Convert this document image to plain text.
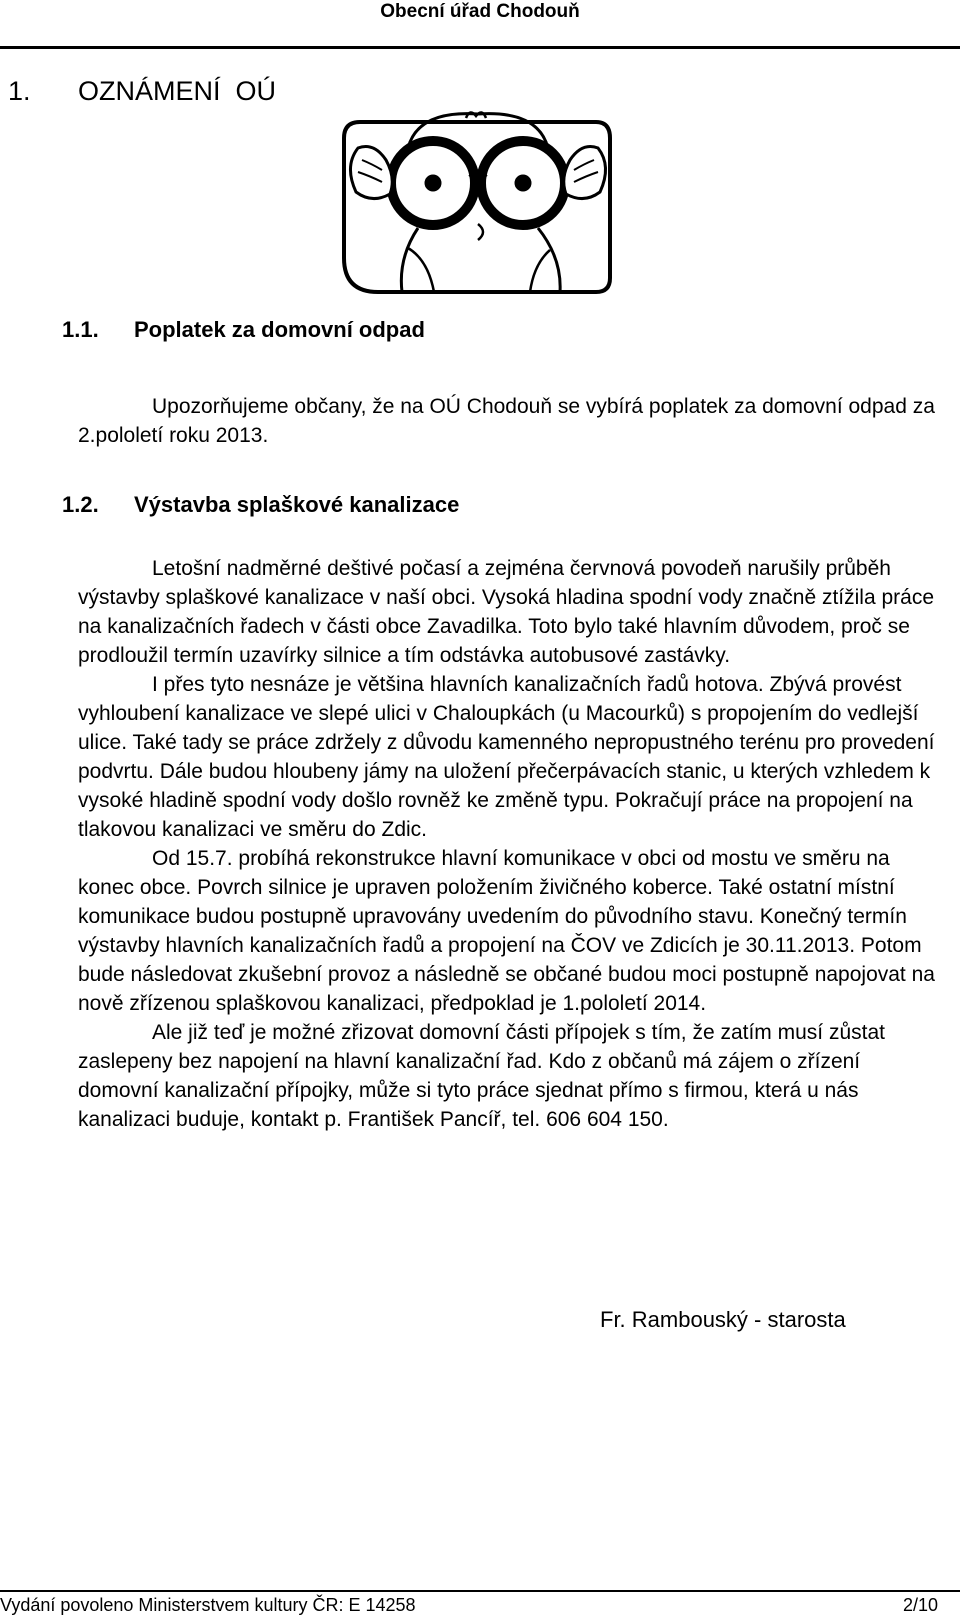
Obecní úřad Chodouň
1. OZNÁMENÍ  OÚ
1.1. Poplatek za domovní odpad

Upozorňujeme občany, že na OÚ Chodouň se vybírá poplatek za domovní odpad za 2.pololetí roku 2013.

1.2. Výstavba splaškové kanalizace

Letošní nadměrné deštivé počasí a zejména červnová povodeň narušily průběh výstavby splaškové kanalizace v naší obci. Vysoká hladina spodní vody značně ztížila práce na kanalizačních řadech v části obce Zavadilka. Toto bylo také hlavním důvodem, proč se prodloužil termín uzavírky silnice a tím odstávka autobusové zastávky.

I přes tyto nesnáze je většina hlavních kanalizačních řadů hotova. Zbývá provést vyhloubení kanalizace ve slepé ulici v Chaloupkách (u Macourků) s propojením do vedlejší ulice. Také tady se práce zdržely z důvodu kamenného nepropustného terénu pro provedení podvrtu. Dále budou hloubeny jámy na uložení přečerpávacích stanic, u kterých vzhledem k vysoké hladině spodní vody došlo rovněž ke změně typu. Pokračují práce na propojení na tlakovou kanalizaci ve směru do Zdic.

Od 15.7. probíhá rekonstrukce hlavní komunikace v obci od mostu ve směru na konec obce. Povrch silnice je upraven položením živičného koberce. Také ostatní místní komunikace budou postupně upravovány uvedením do původního stavu. Konečný termín výstavby hlavních kanalizačních řadů a propojení na ČOV ve Zdicích je 30.11.2013. Potom bude následovat zkušební provoz a následně se občané budou moci postupně napojovat na nově zřízenou splaškovou kanalizaci, předpoklad je 1.pololetí 2014.

Ale již teď je možné zřizovat domovní části přípojek s tím, že zatím musí zůstat zaslepeny bez napojení na hlavní kanalizační řad. Kdo z občanů má zájem o zřízení domovní kanalizační přípojky, může si tyto práce sjednat přímo s firmou, která u nás kanalizaci buduje, kontakt p. František Pancíř, tel. 606 604 150.

Fr. Rambouský - starosta
Vydání povoleno Ministerstvem kultury ČR: E 14258	2/10
